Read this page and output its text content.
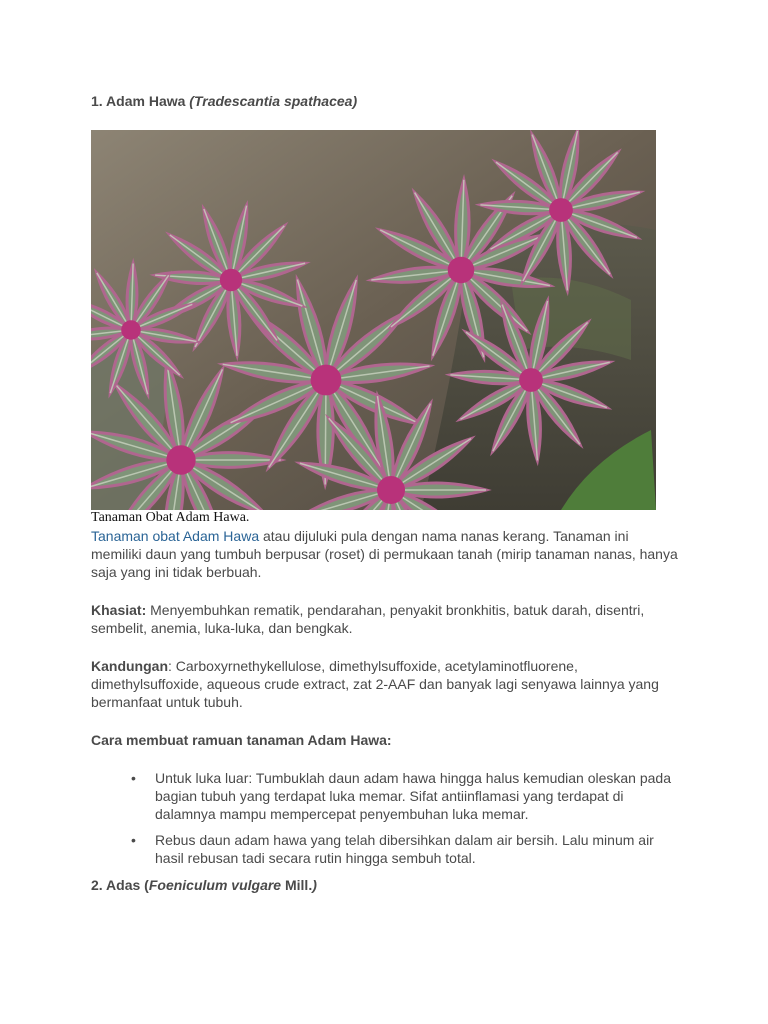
1. Adam Hawa (Tradescantia spathacea)
Tanaman Obat Adam Hawa.

Tanaman obat Adam Hawa atau dijuluki pula dengan nama nanas kerang. Tanaman ini memiliki daun yang tumbuh berpusar (roset) di permukaan tanah (mirip tanaman nanas, hanya saja yang ini tidak berbuah.

Khasiat: Menyembuhkan rematik, pendarahan, penyakit bronkhitis, batuk darah, disentri, sembelit, anemia, luka-luka, dan bengkak.

Kandungan: Carboxyrnethykellulose, dimethylsuffoxide, acetylaminotfluorene, dimethylsuffoxide, aqueous crude extract, zat 2-AAF dan banyak lagi senyawa lainnya yang bermanfaat untuk tubuh.

Cara membuat ramuan tanaman Adam Hawa:
• Untuk luka luar: Tumbuklah daun adam hawa hingga halus kemudian oleskan pada bagian tubuh yang terdapat luka memar. Sifat antiinflamasi yang terdapat di dalamnya mampu mempercepat penyembuhan luka memar.
• Rebus daun adam hawa yang telah dibersihkan dalam air bersih. Lalu minum air hasil rebusan tadi secara rutin hingga sembuh total.
2. Adas (Foeniculum vulgare Mill.)
